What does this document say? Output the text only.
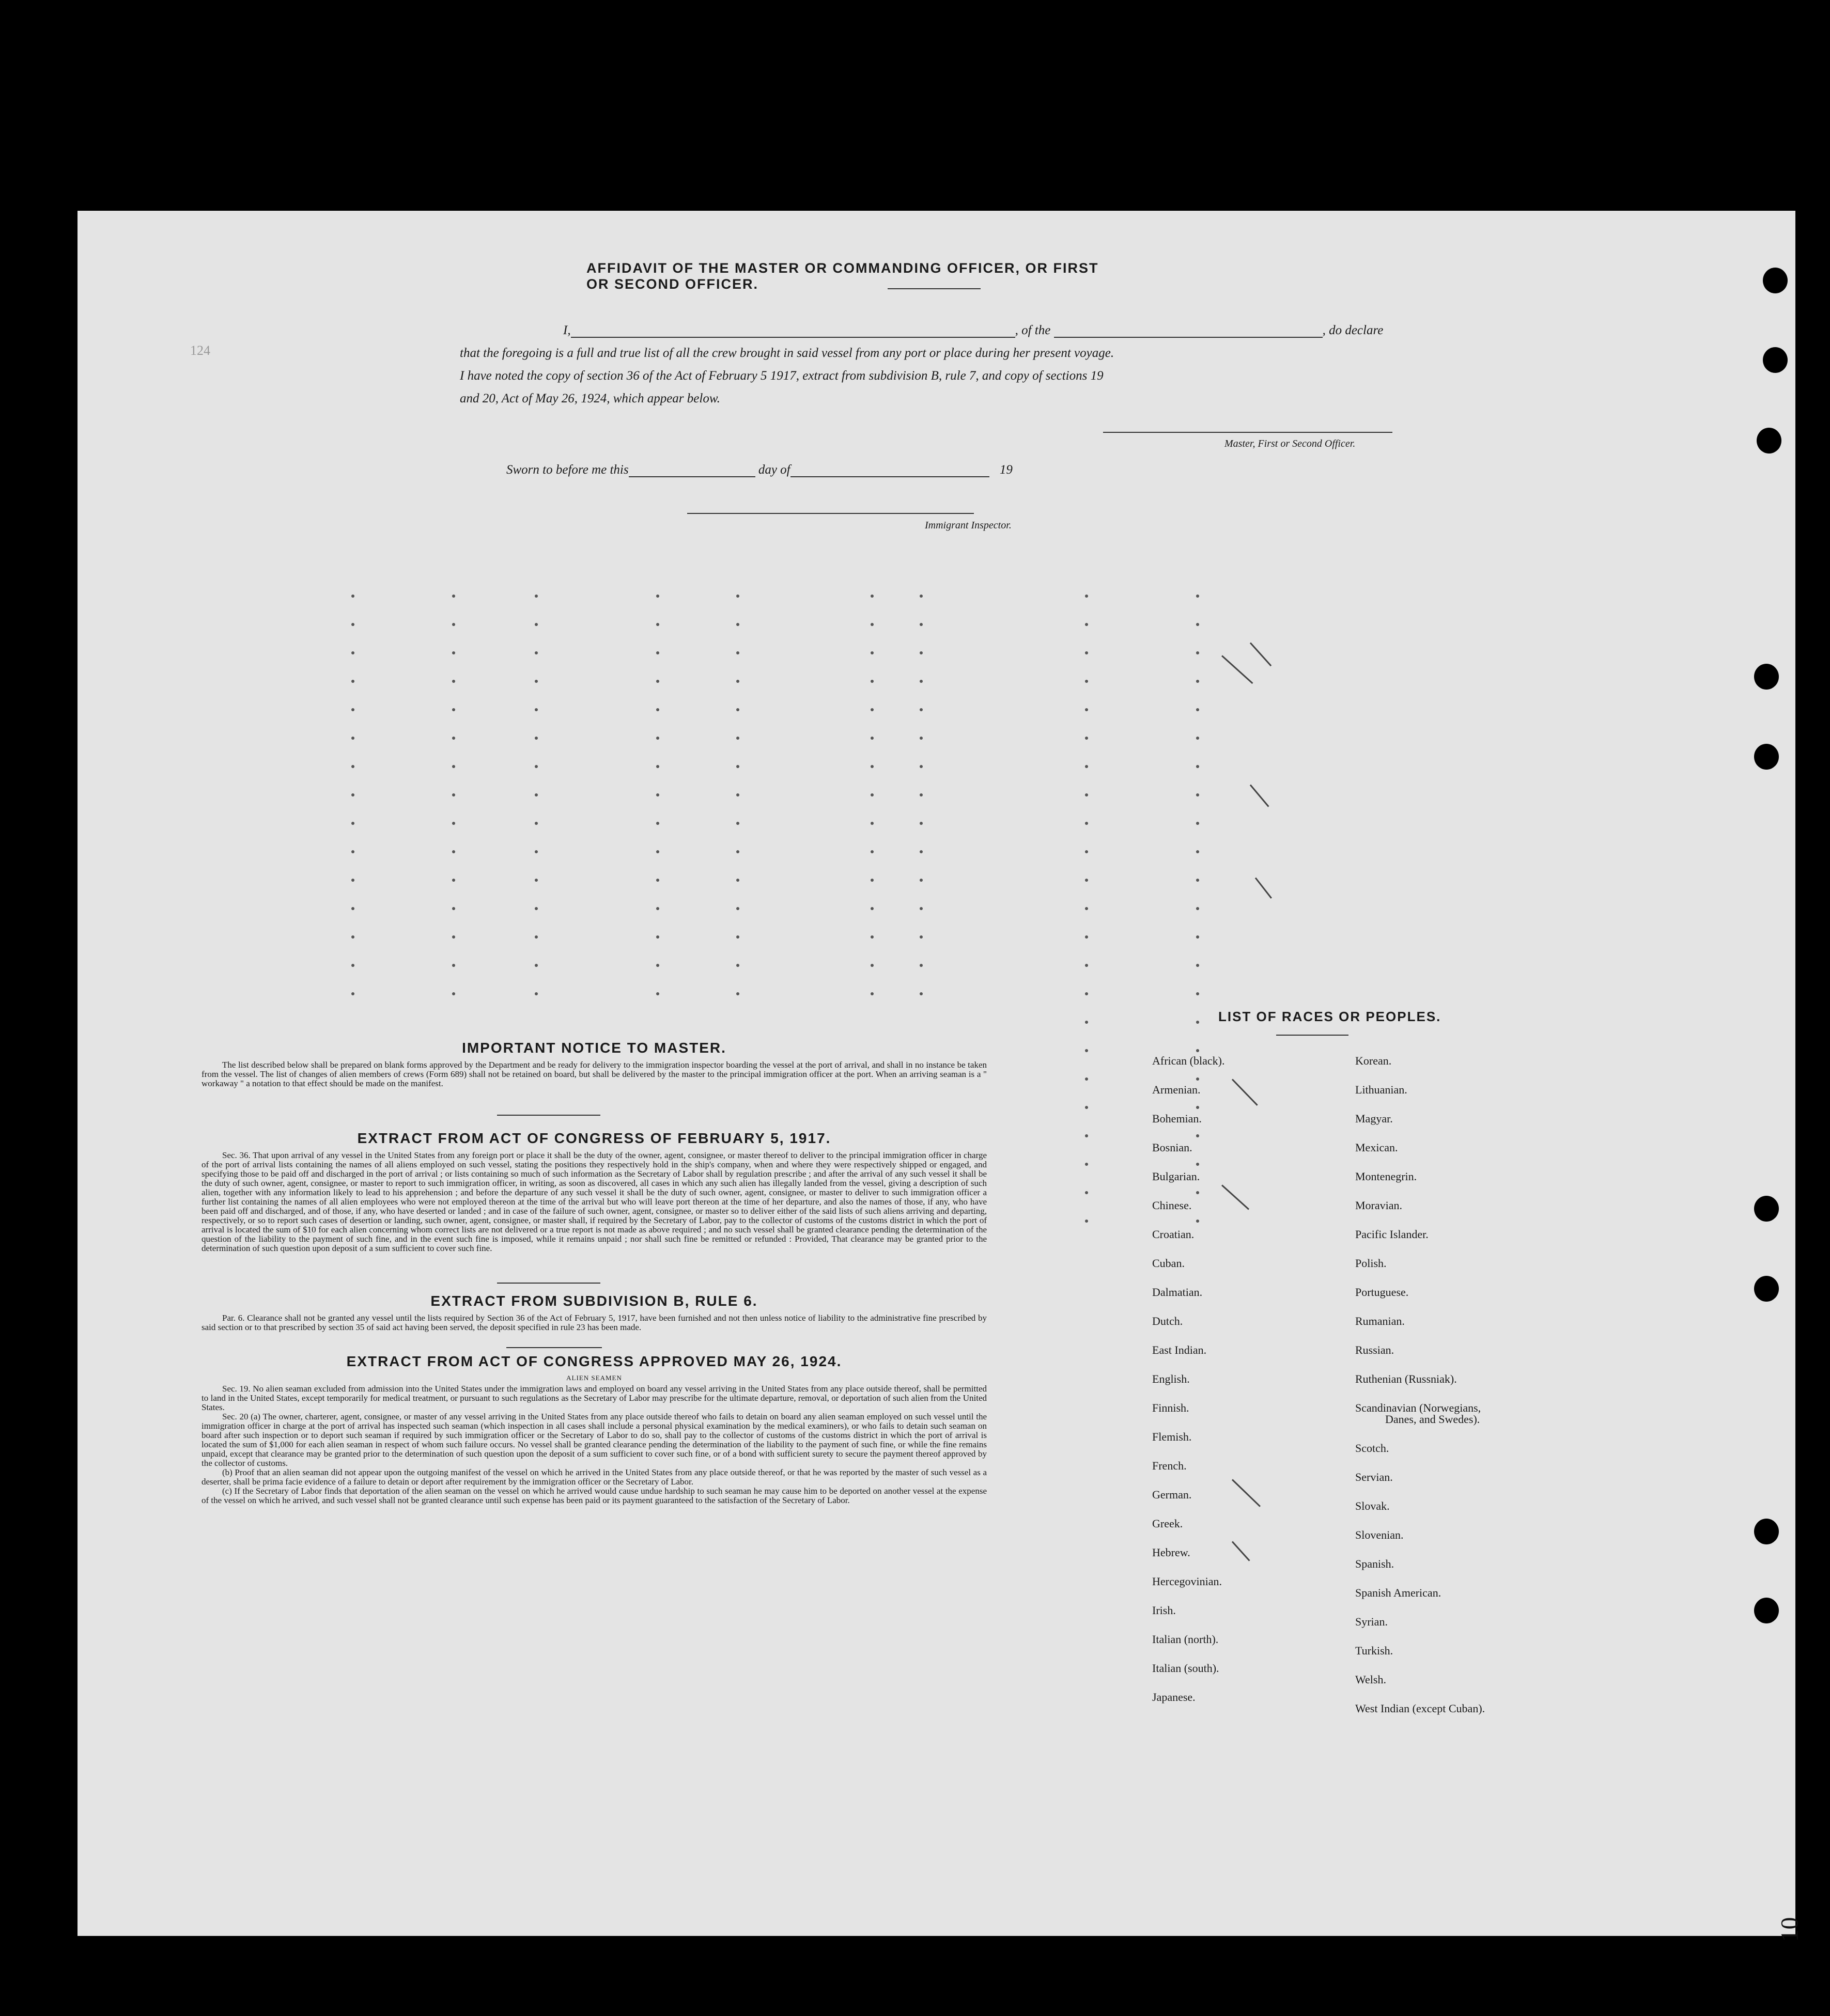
AFFIDAVIT OF THE MASTER OR COMMANDING OFFICER, OR FIRST OR SECOND OFFICER.
I,	, of the	, do declare
that the foregoing is a full and true list of all the crew brought in said vessel from any port or place during her present voyage.
I have noted the copy of section 36 of the Act of February 5 1917, extract from subdivision B, rule 7, and copy of sections 19
and 20, Act of May 26, 1924, which appear below.
Master, First or Second Officer.
Sworn to before me this	day of	19
Immigrant Inspector.
124
10
IMPORTANT NOTICE TO MASTER.

The list described below shall be prepared on blank forms approved by the Department and be ready for delivery to the immigration inspector boarding the vessel at the port of arrival, and shall in no instance be taken from the vessel. The list of changes of alien members of crews (Form 689) shall not be retained on board, but shall be delivered by the master to the principal immigration officer at the port. When an arriving seaman is a " workaway " a notation to that effect should be made on the manifest.

EXTRACT FROM ACT OF CONGRESS OF FEBRUARY 5, 1917.

Sec. 36. That upon arrival of any vessel in the United States from any foreign port or place it shall be the duty of the owner, agent, consignee, or master thereof to deliver to the principal immigration officer in charge of the port of arrival lists containing the names of all aliens employed on such vessel, stating the positions they respectively hold in the ship's company, when and where they were respectively shipped or engaged, and specifying those to be paid off and discharged in the port of arrival ; or lists containing so much of such information as the Secretary of Labor shall by regulation prescribe ; and after the arrival of any such vessel it shall be the duty of such owner, agent, consignee, or master to report to such immigration officer, in writing, as soon as discovered, all cases in which any such alien has illegally landed from the vessel, giving a description of such alien, together with any information likely to lead to his apprehension ; and before the departure of any such vessel it shall be the duty of such owner, agent, consignee, or master to deliver to such immigration officer a further list containing the names of all alien employees who were not employed thereon at the time of the arrival but who will leave port thereon at the time of her departure, and also the names of those, if any, who have been paid off and discharged, and of those, if any, who have deserted or landed ; and in case of the failure of such owner, agent, consignee, or master so to deliver either of the said lists of such aliens arriving and departing, respectively, or so to report such cases of desertion or landing, such owner, agent, consignee, or master shall, if required by the Secretary of Labor, pay to the collector of customs of the customs district in which the port of arrival is located the sum of $10 for each alien concerning whom correct lists are not delivered or a true report is not made as above required ; and no such vessel shall be granted clearance pending the determination of the question of the liability to the payment of such fine, and in the event such fine is imposed, while it remains unpaid ; nor shall such fine be remitted or refunded : Provided, That clearance may be granted prior to the determination of such question upon deposit of a sum sufficient to cover such fine.

EXTRACT FROM SUBDIVISION B, RULE 6.

Par. 6. Clearance shall not be granted any vessel until the lists required by Section 36 of the Act of February 5, 1917, have been furnished and not then unless notice of liability to the administrative fine prescribed by said section or to that prescribed by section 35 of said act having been served, the deposit specified in rule 23 has been made.

EXTRACT FROM ACT OF CONGRESS APPROVED MAY 26, 1924.
ALIEN SEAMEN

Sec. 19. No alien seaman excluded from admission into the United States under the immigration laws and employed on board any vessel arriving in the United States from any place outside thereof, shall be permitted to land in the United States, except temporarily for medical treatment, or pursuant to such regulations as the Secretary of Labor may prescribe for the ultimate departure, removal, or deportation of such alien from the United States.

Sec. 20 (a) The owner, charterer, agent, consignee, or master of any vessel arriving in the United States from any place outside thereof who fails to detain on board any alien seaman employed on such vessel until the immigration officer in charge at the port of arrival has inspected such seaman (which inspection in all cases shall include a personal physical examination by the medical examiners), or who fails to detain such seaman on board after such inspection or to deport such seaman if required by such immigration officer or the Secretary of Labor to do so, shall pay to the collector of customs of the customs district in which the port of arrival is located the sum of $1,000 for each alien seaman in respect of whom such failure occurs. No vessel shall be granted clearance pending the determination of the liability to the payment of such fine, or while the fine remains unpaid, except that clearance may be granted prior to the determination of such question upon the deposit of a sum sufficient to cover such fine, or of a bond with sufficient surety to secure the payment thereof approved by the collector of customs.

(b) Proof that an alien seaman did not appear upon the outgoing manifest of the vessel on which he arrived in the United States from any place outside thereof, or that he was reported by the master of such vessel as a deserter, shall be prima facie evidence of a failure to detain or deport after requirement by the immigration officer or the Secretary of Labor.

(c) If the Secretary of Labor finds that deportation of the alien seaman on the vessel on which he arrived would cause undue hardship to such seaman he may cause him to be deported on another vessel at the expense of the vessel on which he arrived, and such vessel shall not be granted clearance until such expense has been paid or its payment guaranteed to the satisfaction of the Secretary of Labor.

LIST OF RACES OR PEOPLES.
African (black).
Armenian.
Bohemian.
Bosnian.
Bulgarian.
Chinese.
Croatian.
Cuban.
Dalmatian.
Dutch.
East Indian.
English.
Finnish.
Flemish.
French.
German.
Greek.
Hebrew.
Hercegovinian.
Irish.
Italian (north).
Italian (south).
Japanese.
Korean.
Lithuanian.
Magyar.
Mexican.
Montenegrin.
Moravian.
Pacific Islander.
Polish.
Portuguese.
Rumanian.
Russian.
Ruthenian (Russniak).
Scandinavian (Norwegians,
Danes, and Swedes).
Scotch.
Servian.
Slovak.
Slovenian.
Spanish.
Spanish American.
Syrian.
Turkish.
Welsh.
West Indian (except Cuban).
